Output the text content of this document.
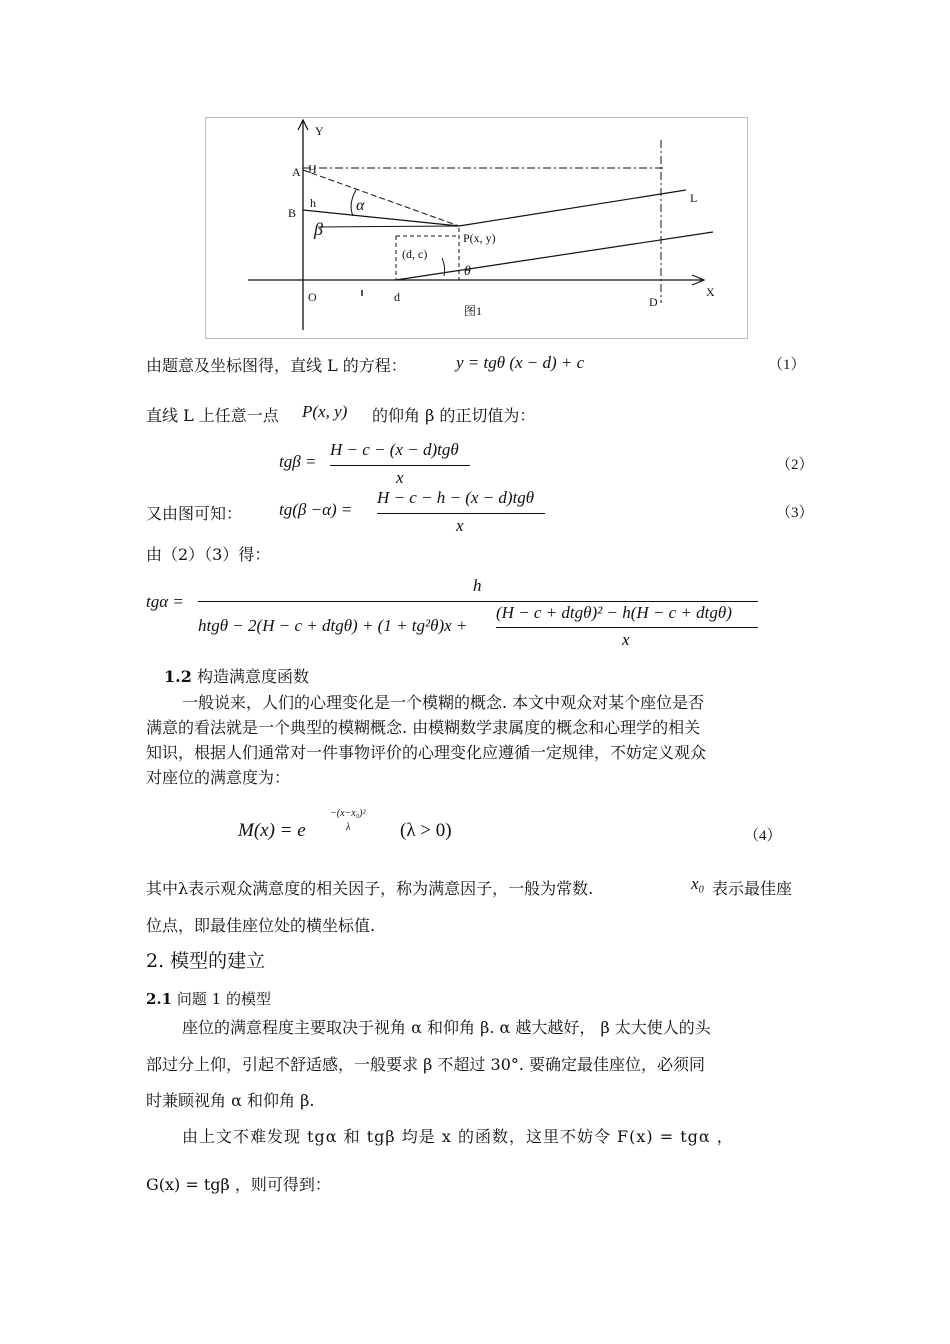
Y
X
A H
B
h	α
β
L
P(x, y)
(d, c)
θ
O	d	D
图1
由题意及坐标图得，直线 L 的方程：	y = tgθ (x − d) + c	（1）
直线 L 上任意一点 P(x, y) 的仰角 β 的正切值为：
tgβ =
H − c − (x − d)tgθ
x
（2）
又由图可知： tg(β −α) =
H − c − h − (x − d)tgθ
x
（3）
由（2）（3）得：
h
tgα =
htgθ − 2(H − c + dtgθ) + (1 + tg²θ)x +
(H − c + dtgθ)² − h(H − c + dtgθ)
x
1.2 构造满意度函数
一般说来，人们的心理变化是一个模糊的概念. 本文中观众对某个座位是否
满意的看法就是一个典型的模糊概念. 由模糊数学隶属度的概念和心理学的相关
知识，根据人们通常对一件事物评价的心理变化应遵循一定规律，不妨定义观众
对座位的满意度为：
M(x) = e
−(x−x₀)²
λ	(λ > 0)	（4）
其中λ表示观众满意度的相关因子，称为满意因子，一般为常数.	x₀ 表示最佳座
位点，即最佳座位处的横坐标值.
2. 模型的建立
2.1 问题 1 的模型
座位的满意程度主要取决于视角 α 和仰角 β. α 越大越好， β 太大使人的头
部过分上仰，引起不舒适感，一般要求 β 不超过 30°. 要确定最佳座位，必须同
时兼顾视角 α 和仰角 β.
由上文不难发现 tgα 和 tgβ 均是 x 的函数，这里不妨令 F(x) = tgα ，
G(x) = tgβ ，则可得到：
